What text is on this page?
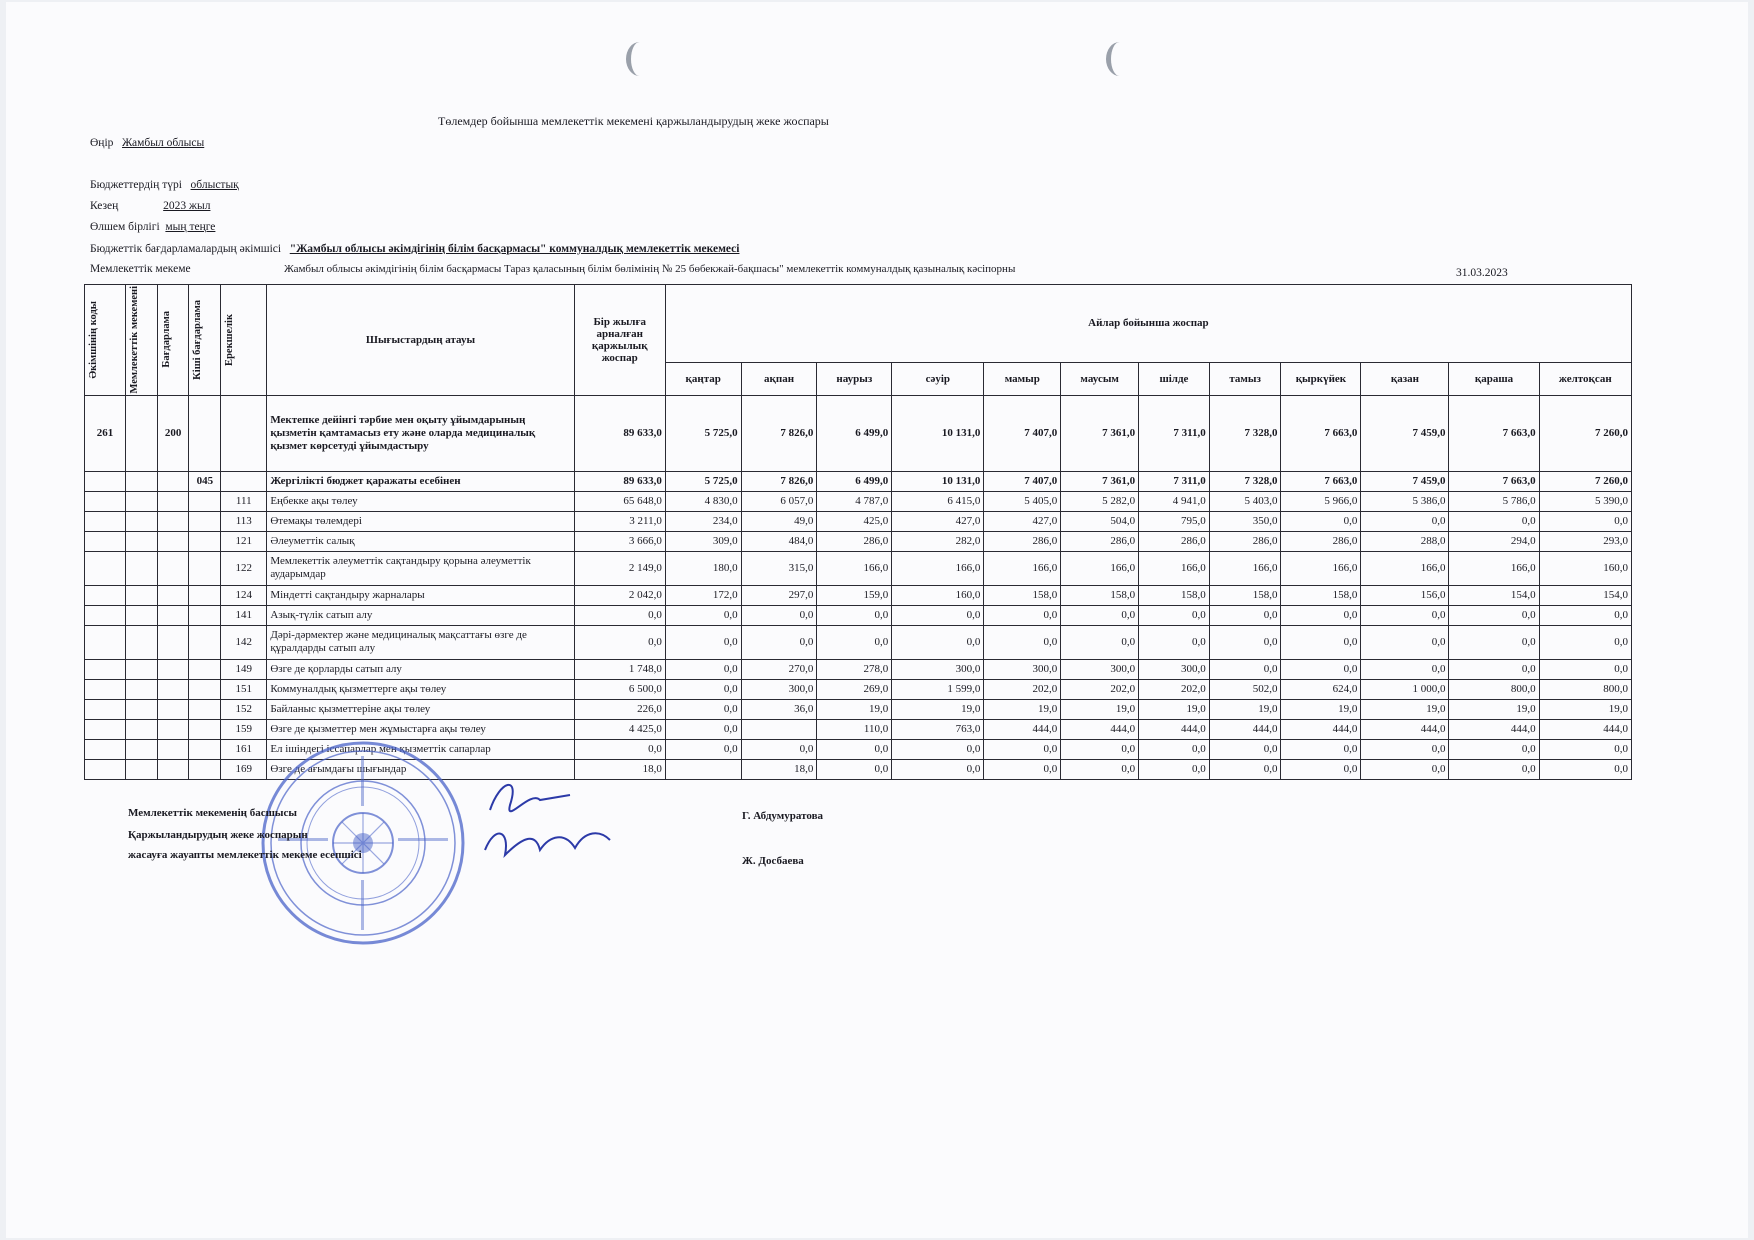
Төлемдер бойынша мемлекеттік мекемені қаржыландырудың жеке жоспары
Өңір Жамбыл облысы
Бюджеттердің түрі облыстық
Кезең	2023 жыл
Өлшем бірлігі мың теңге
Бюджеттік бағдарламалардың әкімшісі "Жамбыл облысы әкімдігінің білім басқармасы" коммуналдық мемлекеттік мекемесі
Мемлекеттік мекеме	Жамбыл облысы әкімдігінің білім басқармасы Тараз қаласының білім бөлімінің № 25 бөбекжай-бақшасы" мемлекеттік коммуналдық қазыналық кәсіпорны	31.03.2023
Әкімшінің коды	Мемлекеттік мекемені	Бағдарлама	Кіші бағдарлама	Ерекшелік	Шығыстардың атауы	Бір жылға арналған қаржылық жоспар	Айлар бойынша жоспар											
							қаңтар	ақпан	наурыз	сәуір	мамыр	маусым	шілде	тамыз	қыркүйек	қазан	қараша	желтоқсан
261		200			Мектепке дейінгі тәрбие мен оқыту ұйымдарының қызметін қамтамасыз ету және оларда медициналық қызмет көрсетуді ұйымдастыру	89 633,0	5 725,0	7 826,0	6 499,0	10 131,0	7 407,0	7 361,0	7 311,0	7 328,0	7 663,0	7 459,0	7 663,0	7 260,0
			045		Жергілікті бюджет қаражаты есебінен	89 633,0	5 725,0	7 826,0	6 499,0	10 131,0	7 407,0	7 361,0	7 311,0	7 328,0	7 663,0	7 459,0	7 663,0	7 260,0
				111	Еңбекке ақы төлеу	65 648,0	4 830,0	6 057,0	4 787,0	6 415,0	5 405,0	5 282,0	4 941,0	5 403,0	5 966,0	5 386,0	5 786,0	5 390,0
				113	Өтемақы төлемдері	3 211,0	234,0	49,0	425,0	427,0	427,0	504,0	795,0	350,0	0,0	0,0	0,0	0,0
				121	Әлеуметтік салық	3 666,0	309,0	484,0	286,0	282,0	286,0	286,0	286,0	286,0	286,0	288,0	294,0	293,0
				122	Мемлекеттік әлеуметтік сақтандыру қорына әлеуметтік аударымдар	2 149,0	180,0	315,0	166,0	166,0	166,0	166,0	166,0	166,0	166,0	166,0	166,0	160,0
				124	Міндетті сақтандыру жарналары	2 042,0	172,0	297,0	159,0	160,0	158,0	158,0	158,0	158,0	158,0	156,0	154,0	154,0
				141	Азық-түлік сатып алу	0,0	0,0	0,0	0,0	0,0	0,0	0,0	0,0	0,0	0,0	0,0	0,0	0,0
				142	Дәрі-дәрмектер және медициналық мақсаттағы өзге де құралдарды сатып алу	0,0	0,0	0,0	0,0	0,0	0,0	0,0	0,0	0,0	0,0	0,0	0,0	0,0
				149	Өзге де қорларды сатып алу	1 748,0	0,0	270,0	278,0	300,0	300,0	300,0	300,0	0,0	0,0	0,0	0,0	0,0
				151	Коммуналдық қызметтерге ақы төлеу	6 500,0	0,0	300,0	269,0	1 599,0	202,0	202,0	202,0	502,0	624,0	1 000,0	800,0	800,0
				152	Байланыс қызметтеріне ақы төлеу	226,0	0,0	36,0	19,0	19,0	19,0	19,0	19,0	19,0	19,0	19,0	19,0	19,0
				159	Өзге де қызметтер мен жұмыстарға ақы төлеу	4 425,0	0,0		110,0	763,0	444,0	444,0	444,0	444,0	444,0	444,0	444,0	444,0
				161	Ел ішіндегі іссапарлар мен қызметтік сапарлар	0,0	0,0	0,0	0,0	0,0	0,0	0,0	0,0	0,0	0,0	0,0	0,0	0,0
				169	Өзге де ағымдағы шығындар	18,0		18,0	0,0	0,0	0,0	0,0	0,0	0,0	0,0	0,0	0,0	0,0
Мемлекеттік мекеменің басшысы
Қаржыландырудың жеке жоспарын
жасауға жауапты мемлекеттік мекеме есепшісі
Г. Абдумуратова
Ж. Досбаева
